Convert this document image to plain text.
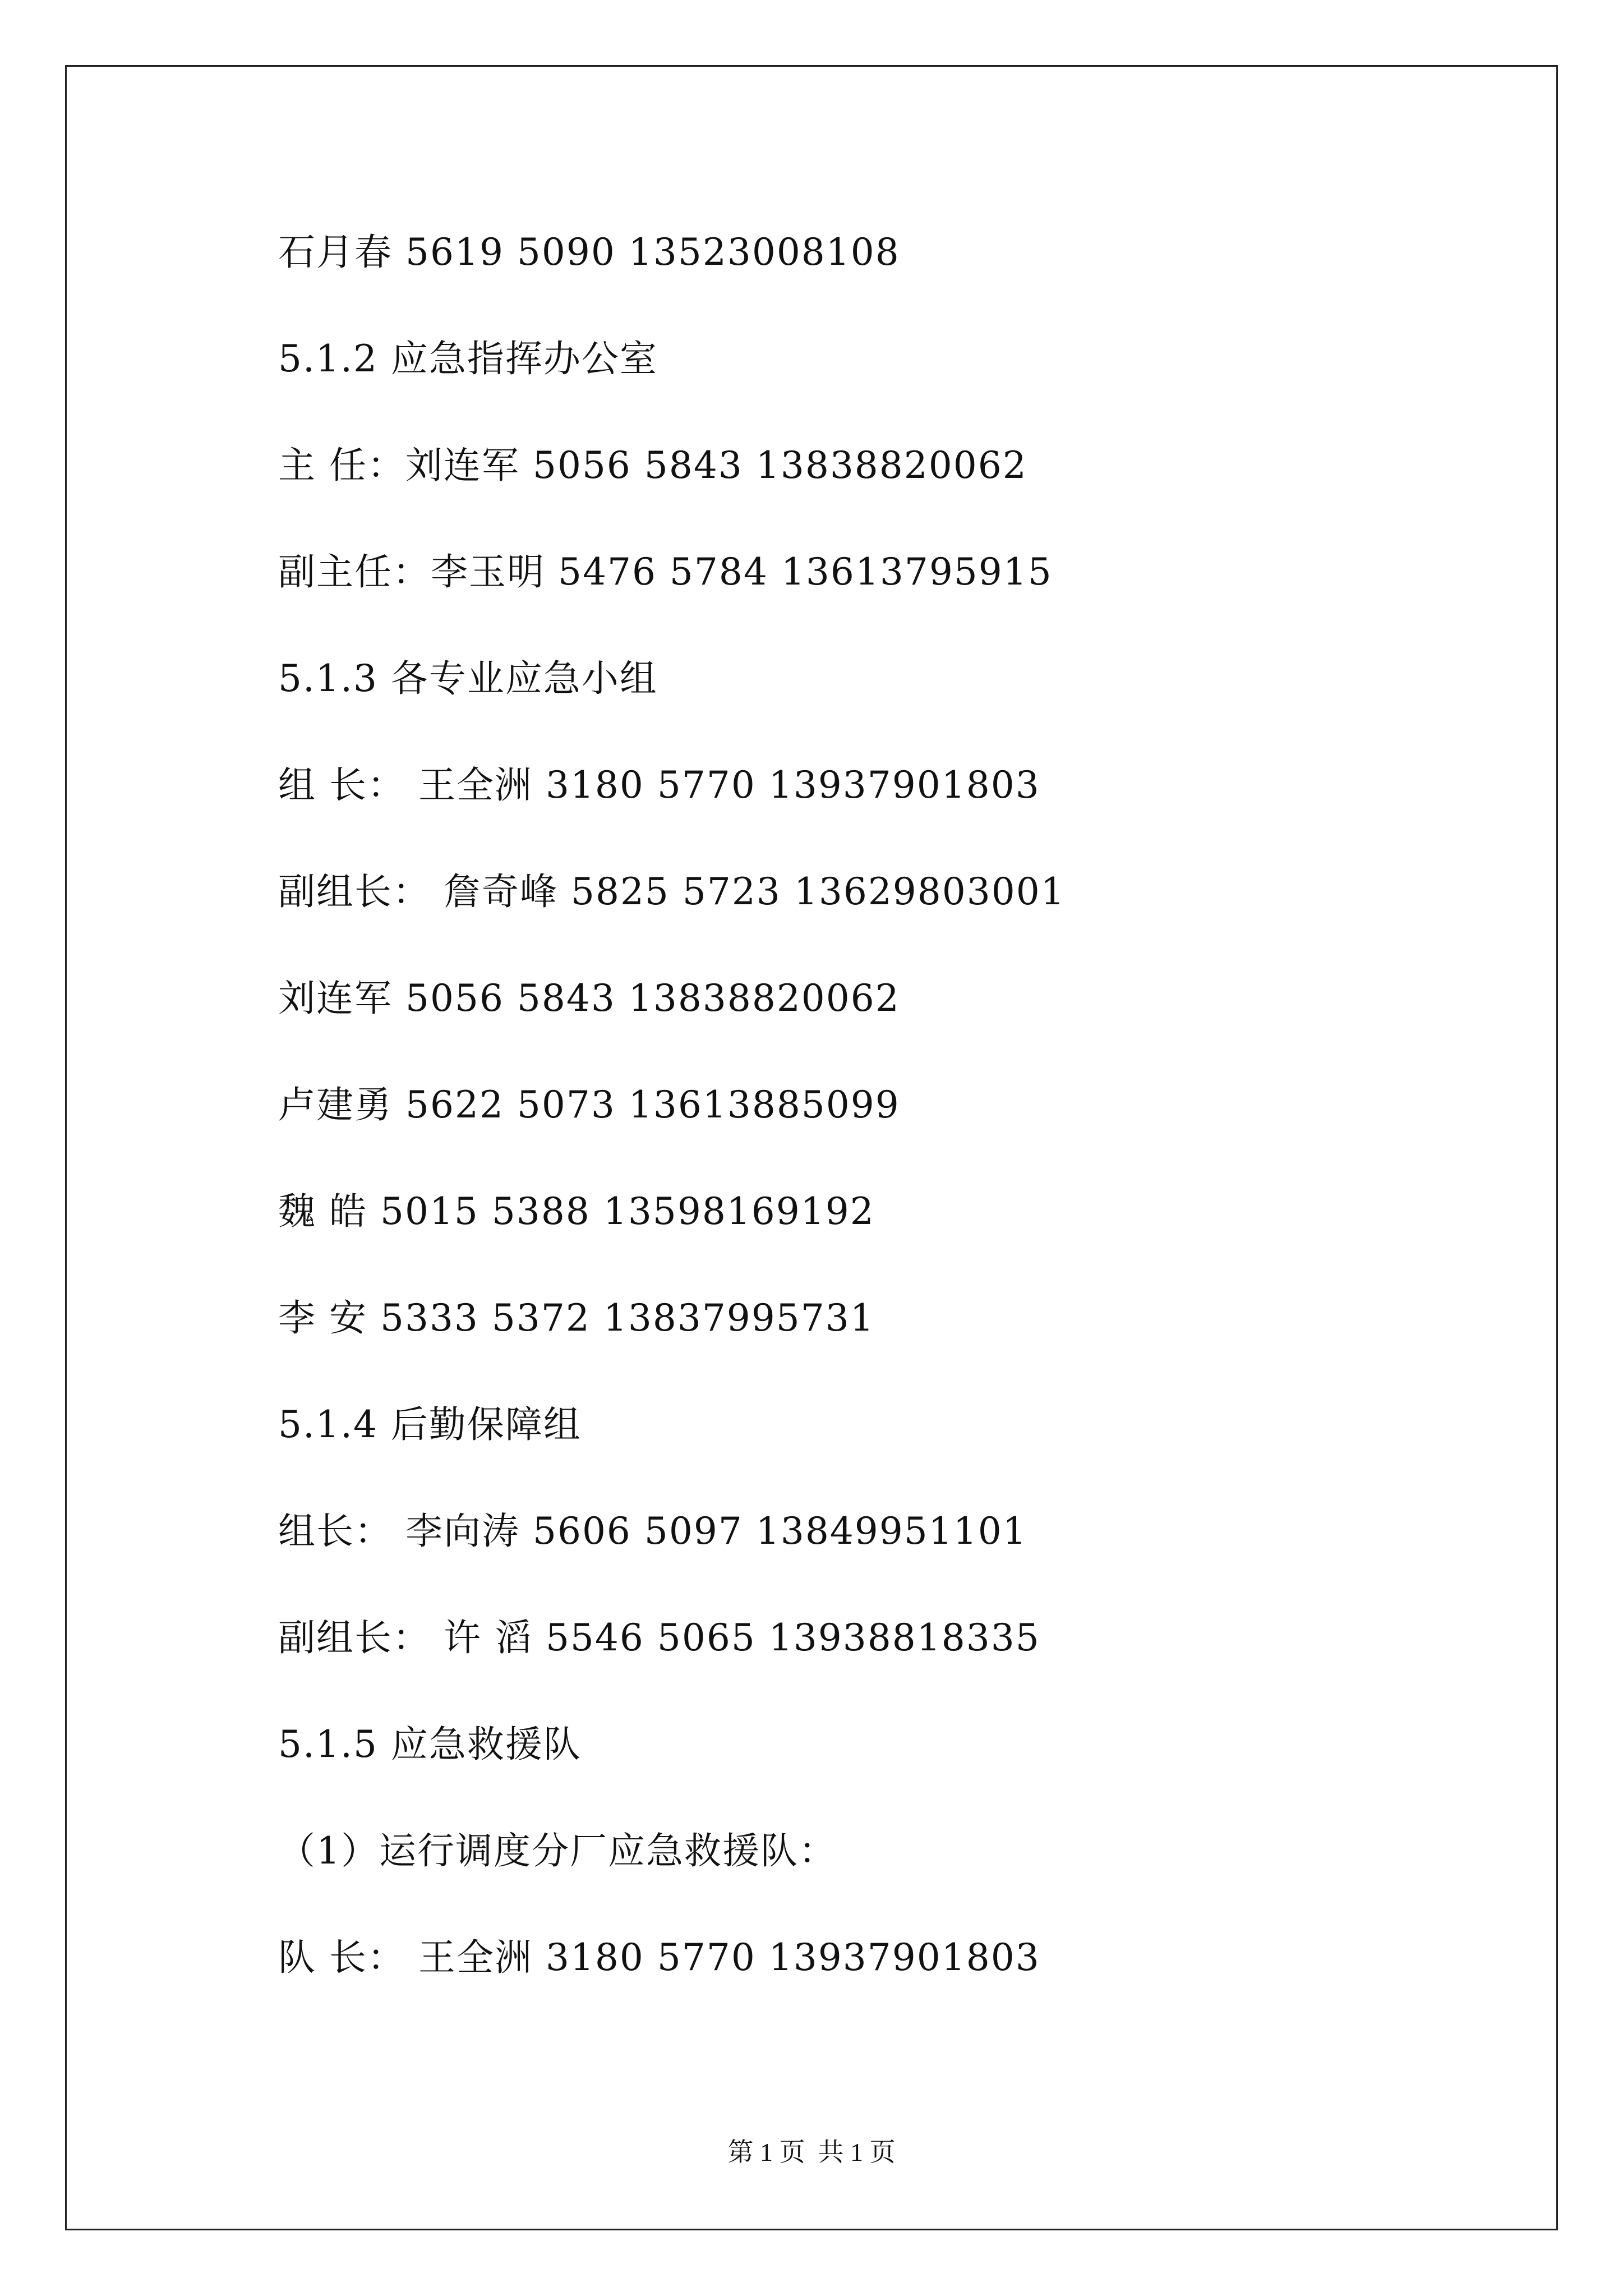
石月春 5619 5090 13523008108
5.1.2 应急指挥办公室
主 任：刘连军 5056 5843 13838820062
副主任：李玉明 5476 5784 13613795915
5.1.3 各专业应急小组
组 长： 王全洲 3180 5770 13937901803
副组长： 詹奇峰 5825 5723 13629803001
刘连军 5056 5843 13838820062
卢建勇 5622 5073 13613885099
魏 皓 5015 5388 13598169192
李 安 5333 5372 13837995731
5.1.4 后勤保障组
组长： 李向涛 5606 5097 13849951101
副组长： 许 滔 5546 5065 13938818335
5.1.5 应急救援队
（1）运行调度分厂应急救援队：
队 长： 王全洲 3180 5770 13937901803
第 1 页  共 1 页
